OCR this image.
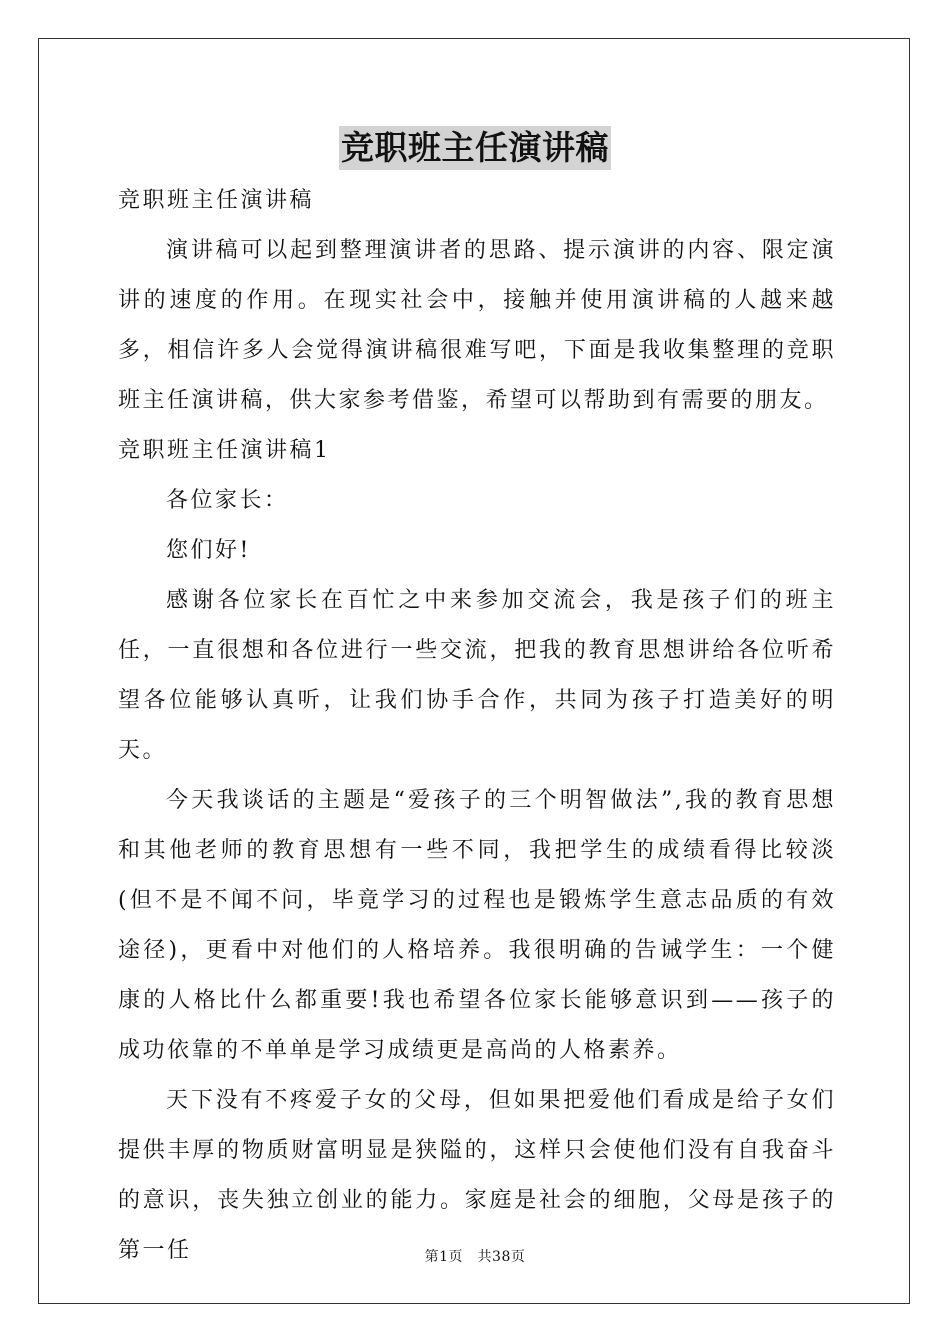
竞职班主任演讲稿

竞职班主任演讲稿

演讲稿可以起到整理演讲者的思路、提示演讲的内容、限定演讲的速度的作用。在现实社会中，接触并使用演讲稿的人越来越多，相信许多人会觉得演讲稿很难写吧，下面是我收集整理的竞职班主任演讲稿，供大家参考借鉴，希望可以帮助到有需要的朋友。

竞职班主任演讲稿1

各位家长：

您们好!

感谢各位家长在百忙之中来参加交流会，我是孩子们的班主任，一直很想和各位进行一些交流，把我的教育思想讲给各位听希望各位能够认真听，让我们协手合作，共同为孩子打造美好的明天。

今天我谈话的主题是“爱孩子的三个明智做法”,我的教育思想和其他老师的教育思想有一些不同，我把学生的成绩看得比较淡(但不是不闻不问，毕竟学习的过程也是锻炼学生意志品质的有效途径)，更看中对他们的人格培养。我很明确的告诫学生：一个健康的人格比什么都重要!我也希望各位家长能够意识到——孩子的成功依靠的不单单是学习成绩更是高尚的人格素养。

天下没有不疼爱子女的父母，但如果把爱他们看成是给子女们提供丰厚的物质财富明显是狭隘的，这样只会使他们没有自我奋斗的意识，丧失独立创业的能力。家庭是社会的细胞，父母是孩子的第一任	第1页　共38页
